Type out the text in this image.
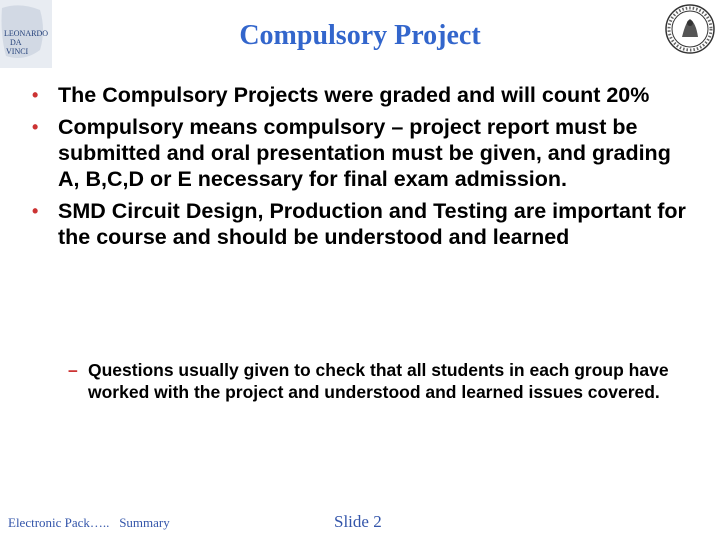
LEONARDO
DA
VINCI
Compulsory Project
• The Compulsory Projects were graded and will count 20%
• Compulsory means compulsory – project report must be submitted and oral presentation must be given, and grading A, B,C,D or E necessary for final exam admission.
• SMD Circuit Design, Production and Testing are important for the course and should be understood and learned
– Questions usually given to check that all students in each group have worked with the project and understood and learned issues covered.
Electronic Pack….. Summary	Slide 2
